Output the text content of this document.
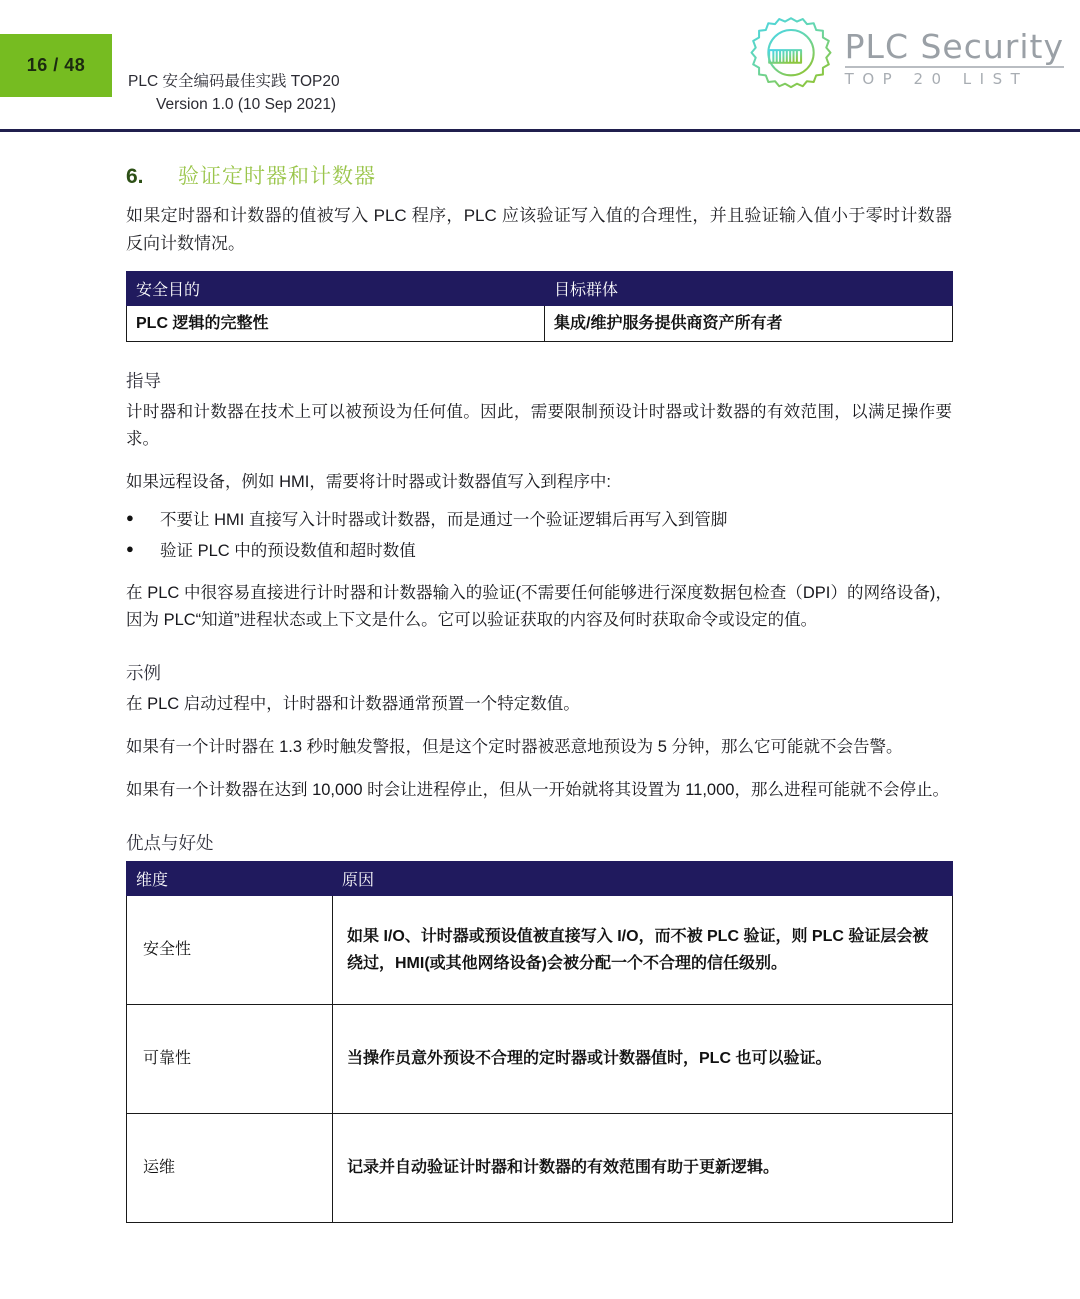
16 / 48
PLC 安全编码最佳实践 TOP20
Version 1.0 (10 Sep 2021)
PLC Security
TOP 20 LIST
6.	验证定时器和计数器

如果定时器和计数器的值被写入 PLC 程序，PLC 应该验证写入值的合理性，并且验证输入值小于零时计数器反向计数情况。

安全目的	目标群体
PLC 逻辑的完整性	集成/维护服务提供商资产所有者
指导

计时器和计数器在技术上可以被预设为任何值。因此，需要限制预设计时器或计数器的有效范围，以满足操作要求。

如果远程设备，例如 HMI，需要将计时器或计数器值写入到程序中:

●	不要让 HMI 直接写入计时器或计数器，而是通过一个验证逻辑后再写入到管脚
●	验证 PLC 中的预设数值和超时数值

在 PLC 中很容易直接进行计时器和计数器输入的验证(不需要任何能够进行深度数据包检查（DPI）的网络设备)，因为 PLC“知道”进程状态或上下文是什么。它可以验证获取的内容及何时获取命令或设定的值。

示例

在 PLC 启动过程中，计时器和计数器通常预置一个特定数值。

如果有一个计时器在 1.3 秒时触发警报，但是这个定时器被恶意地预设为 5 分钟，那么它可能就不会告警。

如果有一个计数器在达到 10,000 时会让进程停止，但从一开始就将其设置为 11,000，那么进程可能就不会停止。

优点与好处
维度	原因
安全性	如果 I/O、计时器或预设值被直接写入 I/O，而不被 PLC 验证，则 PLC 验证层会被绕过，HMI(或其他网络设备)会被分配一个不合理的信任级别。
可靠性	当操作员意外预设不合理的定时器或计数器值时，PLC 也可以验证。
运维	记录并自动验证计时器和计数器的有效范围有助于更新逻辑。
